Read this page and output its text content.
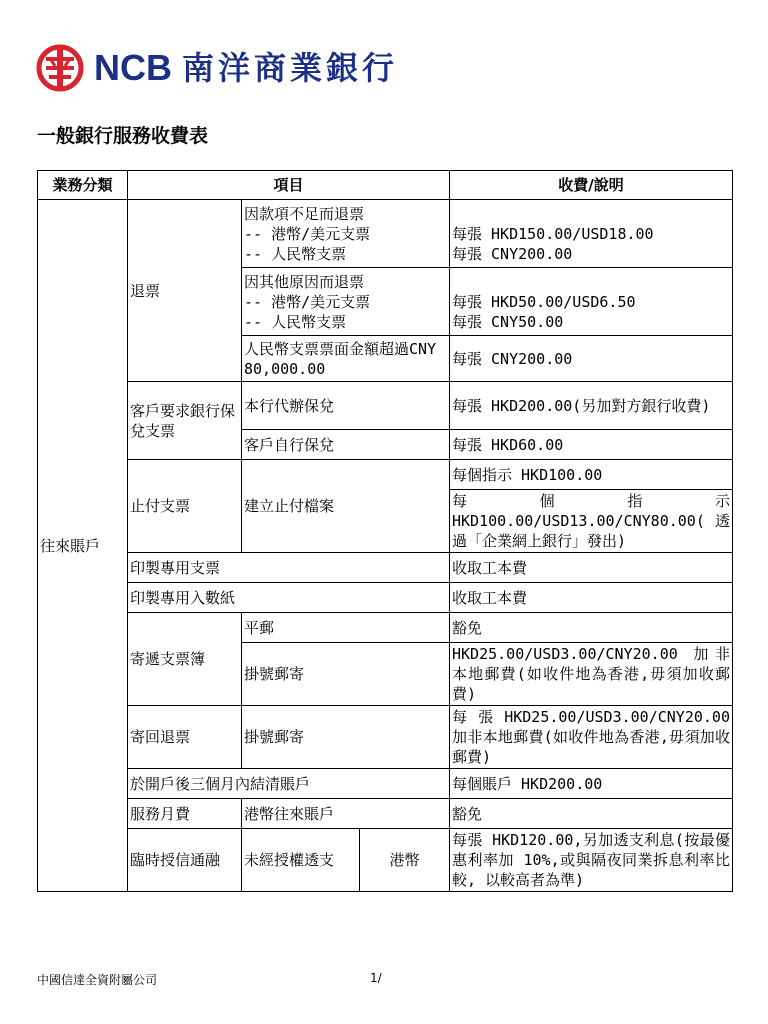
NCB 南洋商業銀行
一般銀行服務收費表
業務分類	項目			收費/說明
往來賬戶	退票	因款項不足而退票
-- 港幣/美元支票
-- 人民幣支票		每張 HKD150.00/USD18.00
每張 CNY200.00
		因其他原因而退票
-- 港幣/美元支票
-- 人民幣支票		每張 HKD50.00/USD6.50
每張 CNY50.00
		人民幣支票票面金額超過CNY 80,000.00		每張 CNY200.00
	客戶要求銀行保兌支票	本行代辦保兌		每張 HKD200.00(另加對方銀行收費)
		客戶自行保兌		每張 HKD60.00
	止付支票	建立止付檔案		每個指示 HKD100.00
				每 個 指 示 HKD100.00/USD13.00/CNY80.00(透過「企業網上銀行」發出)
	印製專用支票			收取工本費
	印製專用入數紙			收取工本費
	寄遞支票簿	平郵		豁免
		掛號郵寄		HKD25.00/USD3.00/CNY20.00 加非本地郵費(如收件地為香港,毋須加收郵費)
	寄回退票	掛號郵寄		每 張 HKD25.00/USD3.00/CNY20.00加非本地郵費(如收件地為香港,毋須加收郵費)
	於開戶後三個月內結清賬戶			每個賬戶 HKD200.00
	服務月費	港幣往來賬戶		豁免
	臨時授信通融	未經授權透支	港幣	每張 HKD120.00,另加透支利息(按最優惠利率加 10%,或與隔夜同業拆息利率比較, 以較高者為準)
中國信達全資附屬公司	1/
